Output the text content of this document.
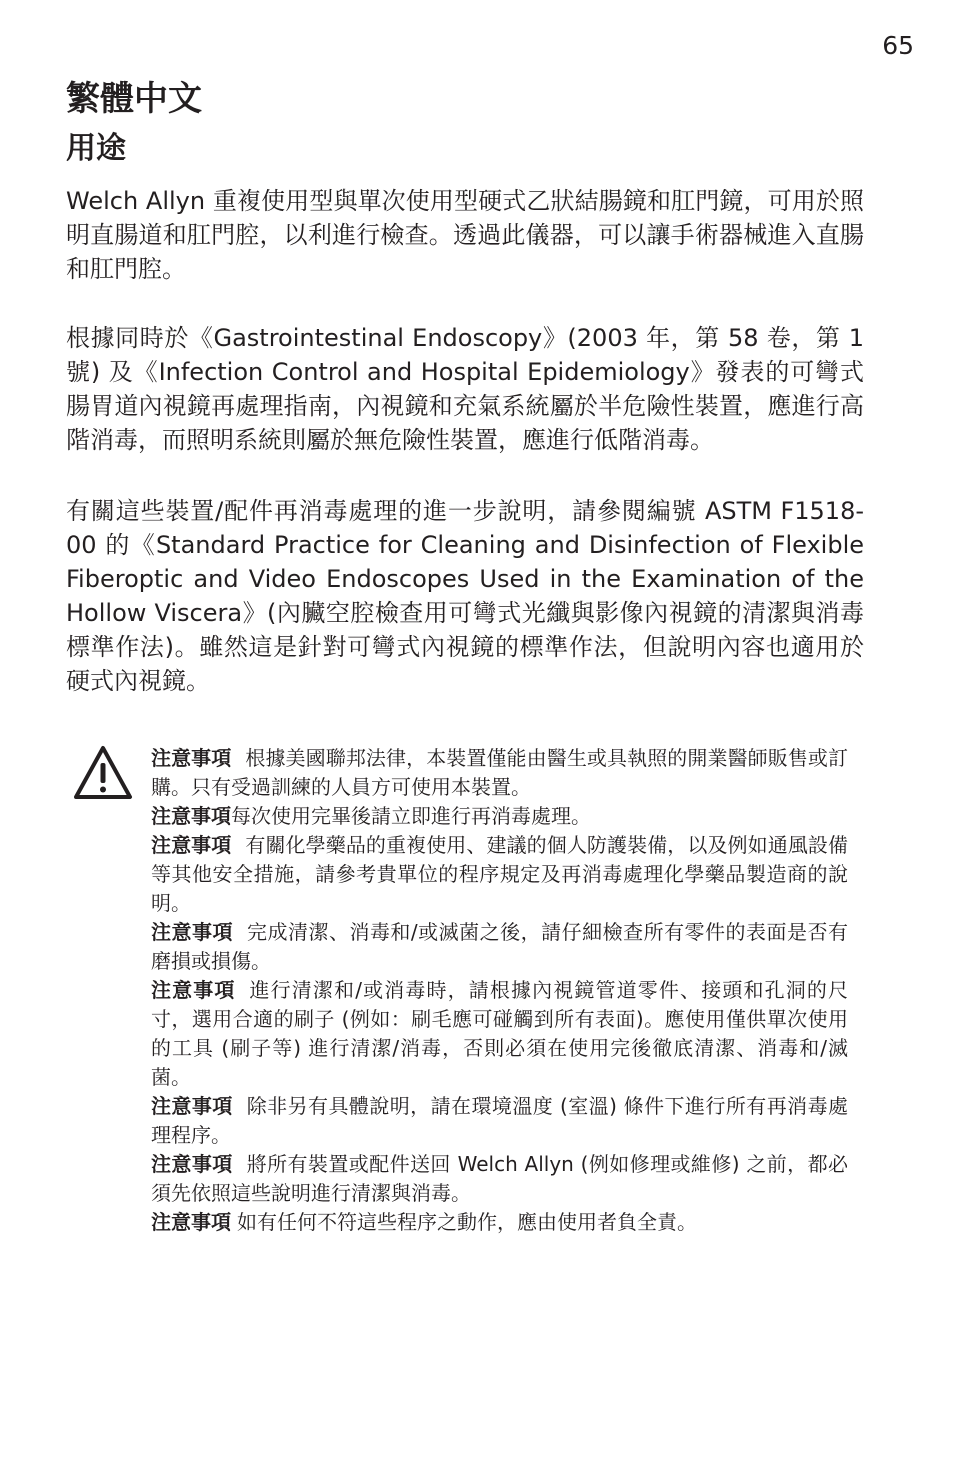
65
繁體中文
用途

Welch Allyn 重複使用型與單次使用型硬式乙狀結腸鏡和肛門鏡，可用於照明直腸道和肛門腔，以利進行檢查。透過此儀器，可以讓手術器械進入直腸和肛門腔。

根據同時於《Gastrointestinal Endoscopy》(2003 年，第 58 卷，第 1 號) 及《Infection Control and Hospital Epidemiology》發表的可彎式腸胃道內視鏡再處理指南，內視鏡和充氣系統屬於半危險性裝置，應進行高階消毒，而照明系統則屬於無危險性裝置，應進行低階消毒。

有關這些裝置/配件再消毒處理的進一步說明，請參閱編號 ASTM F1518-00 的《Standard Practice for Cleaning and Disinfection of Flexible Fiberoptic and Video Endoscopes Used in the Examination of the Hollow Viscera》(內臟空腔檢查用可彎式光纖與影像內視鏡的清潔與消毒標準作法)。雖然這是針對可彎式內視鏡的標準作法，但說明內容也適用於硬式內視鏡。

注意事項 根據美國聯邦法律，本裝置僅能由醫生或具執照的開業醫師販售或訂購。只有受過訓練的人員方可使用本裝置。
注意事項每次使用完畢後請立即進行再消毒處理。
注意事項 有關化學藥品的重複使用、建議的個人防護裝備，以及例如通風設備等其他安全措施，請參考貴單位的程序規定及再消毒處理化學藥品製造商的說明。
注意事項 完成清潔、消毒和/或滅菌之後，請仔細檢查所有零件的表面是否有磨損或損傷。
注意事項 進行清潔和/或消毒時，請根據內視鏡管道零件、接頭和孔洞的尺寸，選用合適的刷子 (例如：刷毛應可碰觸到所有表面)。應使用僅供單次使用的工具 (刷子等) 進行清潔/消毒，否則必須在使用完後徹底清潔、消毒和/滅菌。
注意事項 除非另有具體說明，請在環境溫度 (室溫) 條件下進行所有再消毒處理程序。
注意事項 將所有裝置或配件送回 Welch Allyn (例如修理或維修) 之前，都必須先依照這些說明進行清潔與消毒。
注意事項 如有任何不符這些程序之動作，應由使用者負全責。
